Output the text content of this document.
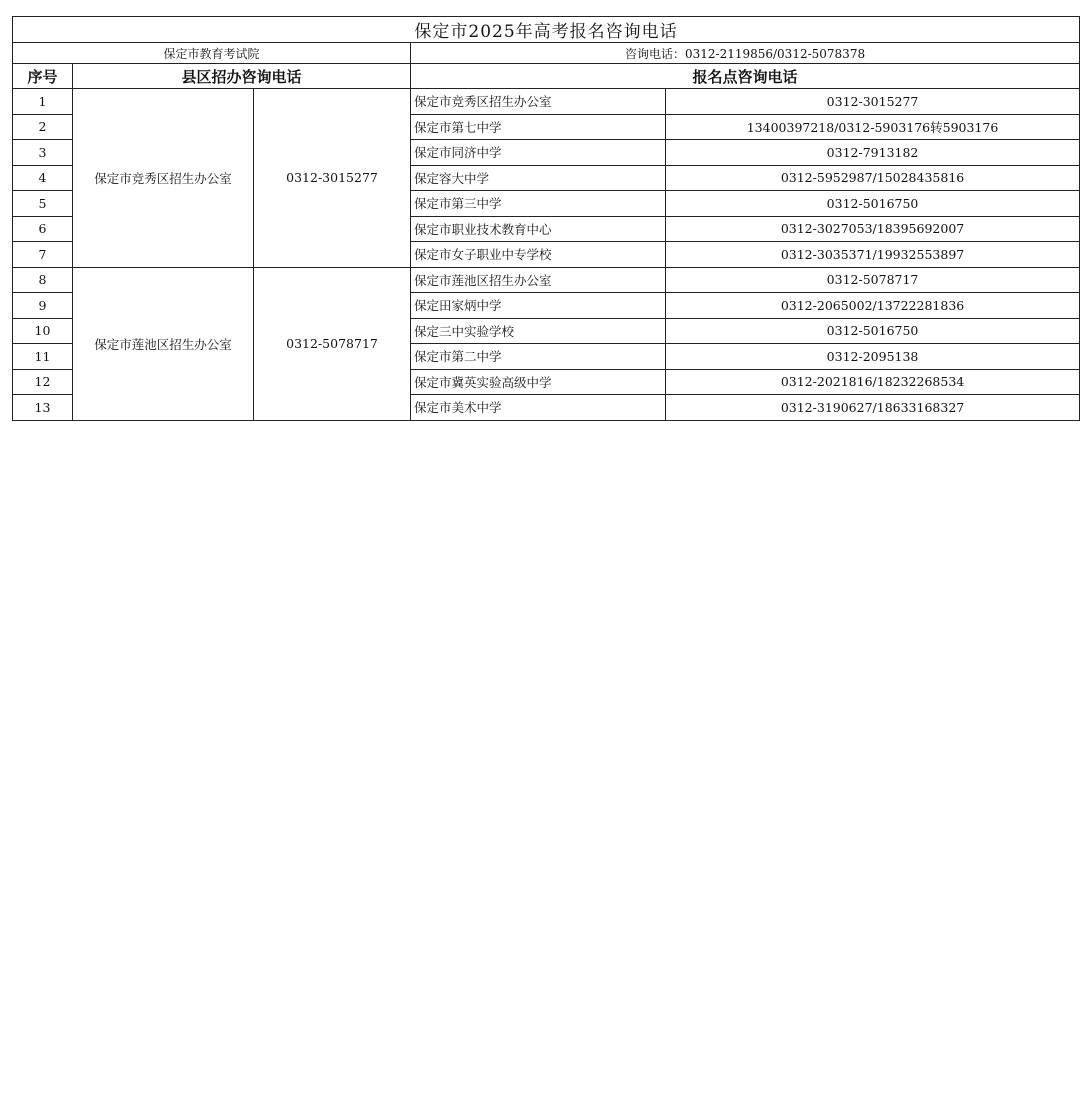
保定市2025年高考报名咨询电话				
保定市教育考试院			咨询电话：0312-2119856/0312-5078378	
序号	县区招办咨询电话		报名点咨询电话	
1	保定市竞秀区招生办公室	0312-3015277	保定市竞秀区招生办公室	0312-3015277
2			保定市第七中学	13400397218/0312-5903176转5903176
3			保定市同济中学	0312-7913182
4			保定容大中学	0312-5952987/15028435816
5			保定市第三中学	0312-5016750
6			保定市职业技术教育中心	0312-3027053/18395692007
7			保定市女子职业中专学校	0312-3035371/19932553897
8	保定市莲池区招生办公室	0312-5078717	保定市莲池区招生办公室	0312-5078717
9			保定田家炳中学	0312-2065002/13722281836
10			保定三中实验学校	0312-5016750
11			保定市第二中学	0312-2095138
12			保定市冀英实验高级中学	0312-2021816/18232268534
13			保定市美术中学	0312-3190627/18633168327
